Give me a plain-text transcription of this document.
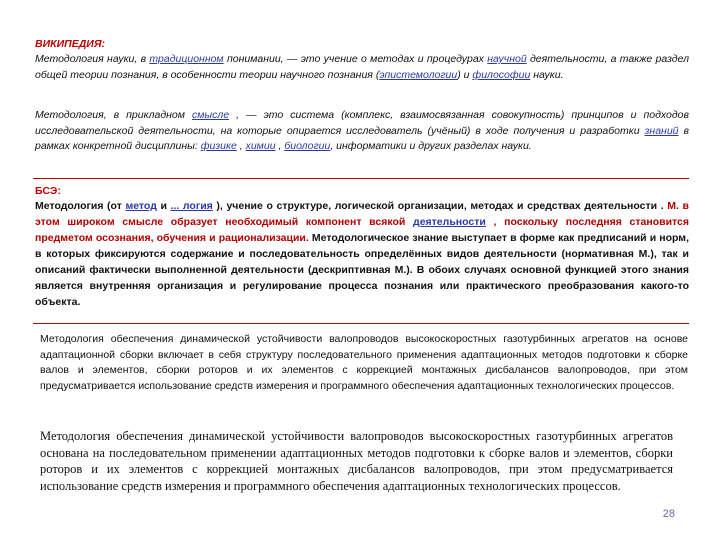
ВИКИПЕДИЯ:

Методология науки, в традиционном понимании, — это учение о методах и процедурах научной деятельности, а также раздел общей теории познания, в особенности теории научного познания (эпистемологии) и философии науки.

Методология, в прикладном смысле , — это система (комплекс, взаимосвязанная совокупность) принципов и подходов исследовательской деятельности, на которые опирается исследователь (учёный) в ходе получения и разработки знаний в рамках конкретной дисциплины: физике , химии , биологии, информатики и других разделах науки.

БСЭ:

Методология (от метод и ... логия ), учение о структуре, логической организации, методах и средствах деятельности . М. в этом широком смысле образует необходимый компонент всякой деятельности , поскольку последняя становится предметом осознания, обучения и рационализации. Методологическое знание выступает в форме как предписаний и норм, в которых фиксируются содержание и последовательность определённых видов деятельности (нормативная М.), так и описаний фактически выполненной деятельности (дескриптивная М.). В обоих случаях основной функцией этого знания является внутренняя организация и регулирование процесса познания или практического преобразования какого-то объекта.

Методология обеспечения динамической устойчивости валопроводов высокоскоростных газотурбинных агрегатов на основе адаптационной сборки включает в себя структуру последовательного применения адаптационных методов подготовки к сборке валов и элементов, сборки роторов и их элементов с коррекцией монтажных дисбалансов валопроводов, при этом предусматривается использование средств измерения и программного обеспечения адаптационных технологических процессов.

Методология обеспечения динамической устойчивости валопроводов высокоскоростных газотурбинных агрегатов основана на последовательном применении адаптационных методов подготовки к сборке валов и элементов, сборки роторов и их элементов с коррекцией монтажных дисбалансов валопроводов, при этом предусматривается использование средств измерения и программного обеспечения адаптационных технологических процессов.

28
